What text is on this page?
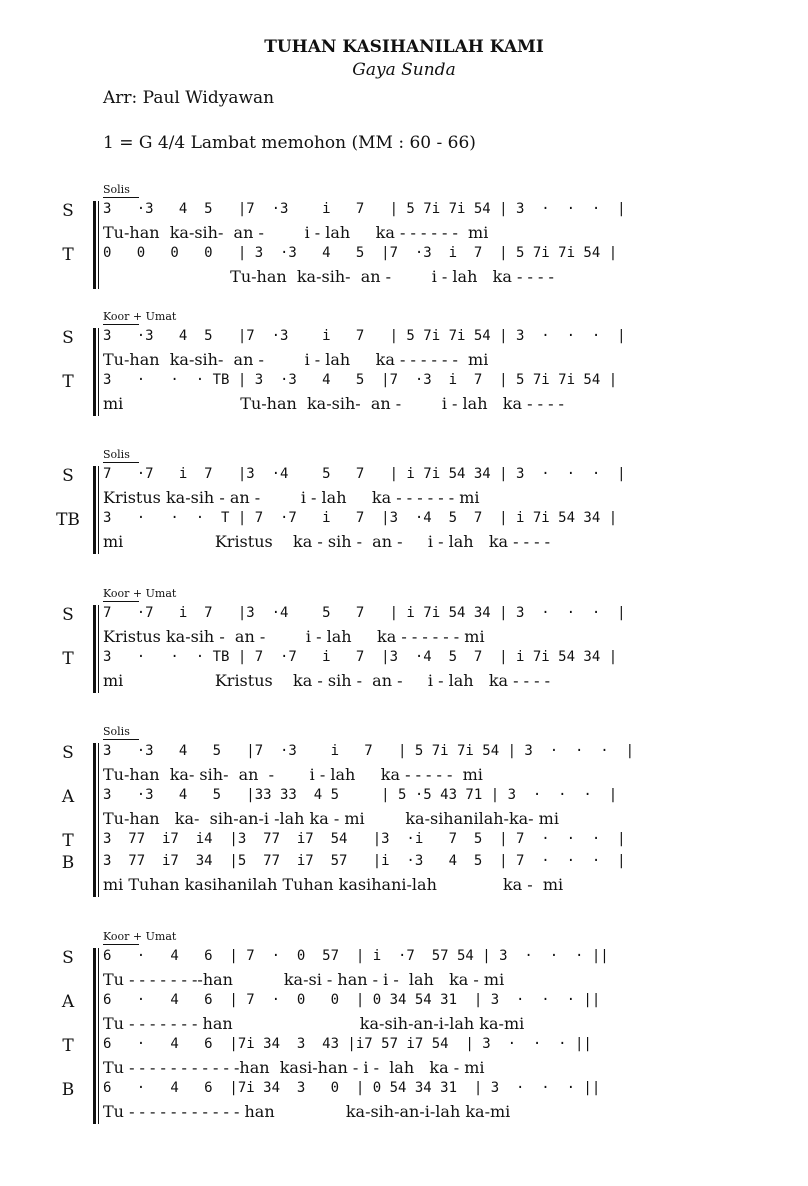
TUHAN KASIHANILAH KAMI
Gaya Sunda
Arr: Paul Widyawan
1 = G 4/4 Lambat memohon (MM : 60 - 66)
Solis
S	3   ·3   4  5   |7  ·3    i   7   | 5 7i 7i 54 | 3  ·  ·  ·  |
Tu-han  ka-sih-  an -        i - lah     ka - - - - - -  mi
T	0   0   0   0   | 3  ·3   4   5  |7  ·3  i  7  | 5 7i 7i 54 |
Tu-han  ka-sih-  an -        i - lah   ka - - - -
Koor + Umat
S	3   ·3   4  5   |7  ·3    i   7   | 5 7i 7i 54 | 3  ·  ·  ·  |
Tu-han  ka-sih-  an -        i - lah     ka - - - - - -  mi
T	3   ·   ·  · TB | 3  ·3   4   5  |7  ·3  i  7  | 5 7i 7i 54 |
mi                       Tu-han  ka-sih-  an -        i - lah   ka - - - -
Solis
S	7   ·7   i  7   |3  ·4    5   7   | i 7i 54 34 | 3  ·  ·  ·  |
Kristus ka-sih - an -        i - lah     ka - - - - - - mi
TB 3   ·   ·  ·  T | 7  ·7   i   7  |3  ·4  5  7  | i 7i 54 34 |
mi                  Kristus    ka - sih -  an -     i - lah   ka - - - -
Koor + Umat
S	7   ·7   i  7   |3  ·4    5   7   | i 7i 54 34 | 3  ·  ·  ·  |
Kristus ka-sih -  an -        i - lah     ka - - - - - - mi
T	3   ·   ·  · TB | 7  ·7   i   7  |3  ·4  5  7  | i 7i 54 34 |
mi                  Kristus    ka - sih -  an -     i - lah   ka - - - -
Solis
S	3   ·3   4   5   |7  ·3    i   7   | 5 7i 7i 54 | 3  ·  ·  ·  |
Tu-han  ka- sih-  an  -       i - lah     ka - - - - -  mi
A	3   ·3   4   5   |33 33  4 5     | 5 ·5 43 71 | 3  ·  ·  ·  |
Tu-han   ka-  sih-an-i -lah ka - mi        ka-sihanilah-ka- mi
T	3  77  i7  i4  |3  77  i7  54   |3  ·i   7  5  | 7  ·  ·  ·  |
B	3  77  i7  34  |5  77  i7  57   |i  ·3   4  5  | 7  ·  ·  ·  |
mi Tuhan kasihanilah Tuhan kasihani-lah             ka -  mi
Koor + Umat
S	6   ·   4   6  | 7  ·  0  57  | i  ·7  57 54 | 3  ·  ·  · ||
Tu - - - - - - --han          ka-si - han - i -  lah   ka - mi
A	6   ·   4   6  | 7  ·  0   0  | 0 34 54 31  | 3  ·  ·  · ||
Tu - - - - - - - han                         ka-sih-an-i-lah ka-mi
T	6   ·   4   6  |7i 34  3  43 |i7 57 i7 54  | 3  ·  ·  · ||
Tu - - - - - - - - - - -han  kasi-han - i -  lah   ka - mi
B	6   ·   4   6  |7i 34  3   0  | 0 54 34 31  | 3  ·  ·  · ||
Tu - - - - - - - - - - - han              ka-sih-an-i-lah ka-mi
